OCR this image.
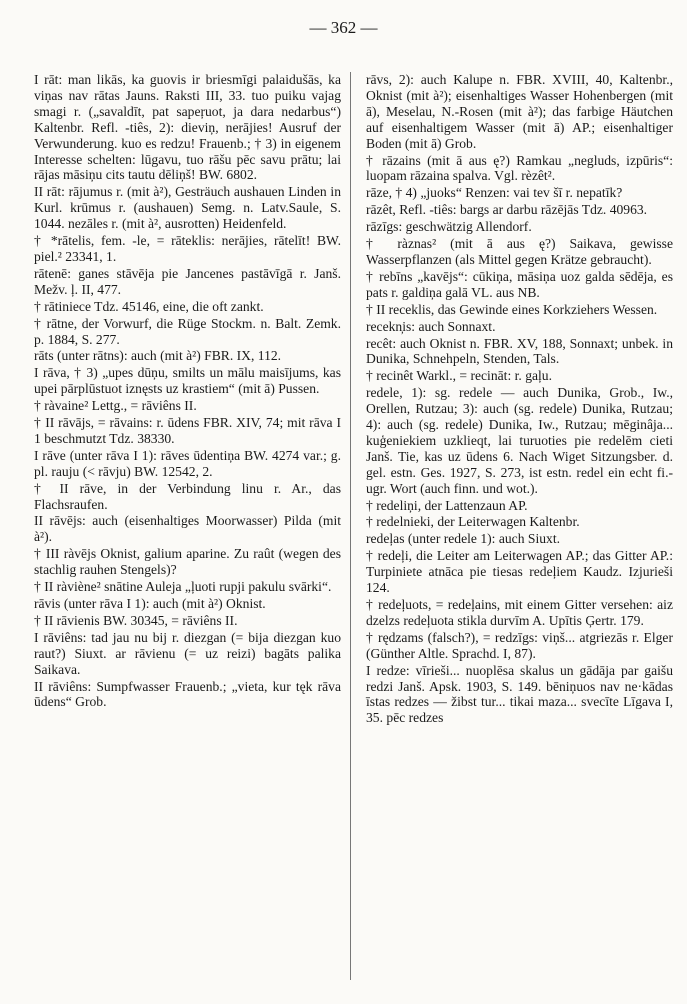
— 362 —

I rāt: man likās, ka guovis ir briesmīgi palaidušās, ka viņas nav rātas Jauns. Raksti III, 33. tuo puiku vajag smagi r. („savaldīt, pat sapeŗuot, ja dara nedarbus“) Kaltenbr. Refl. -tiês, 2): dieviņ, nerājies! Ausruf der Verwunderung. kuo es redzu! Frauenb.; † 3) in eigenem Interesse schelten: lūgavu, tuo rāšu pēc savu prātu; lai rājas māsiņu cits tautu dēliņš! BW. 6802.

II rāt: rājumus r. (mit à²), Gesträuch aushauen Linden in Kurl. krūmus r. (aushauen) Semg. n. Latv.Saule, S. 1044. nezāles r. (mit à², ausrotten) Heidenfeld.

† *rātelis, fem. -le, = rāteklis: nerājies, rātelīt! BW. piel.² 23341, 1.

rātenē: ganes stāvēja pie Jancenes pastāvīgā r. Janš. Mežv. ļ. II, 477.

† rātiniece Tdz. 45146, eine, die oft zankt.

† rātne, der Vorwurf, die Rüge Stockm. n. Balt. Zemk. p. 1884, S. 277.

rāts (unter rātns): auch (mit à²) FBR. IX, 112.

I rāva, † 3) „upes dūņu, smilts un mālu maisījums, kas upei pārplūstuot iznęsts uz krastiem“ (mit ā) Pussen.

† ràvaine² Lettg., = rāviêns II.

† II rāvājs, = rāvains: r. ūdens FBR. XIV, 74; mit rāva I 1 beschmutzt Tdz. 38330.

I rāve (unter rāva I 1): rāves ūdentiņa BW. 4274 var.; g. pl. rauju (< rāvju) BW. 12542, 2.

† II rāve, in der Verbindung linu r. Ar., das Flachsraufen.

II rāvējs: auch (eisenhaltiges Moorwasser) Pilda (mit à²).

† III ràvējs Oknist, galium aparine. Zu raût (wegen des stachlig rauhen Stengels)?

† II ràviène² snātine Auleja „ļuoti rupji pakulu svārki“.

rāvis (unter rāva I 1): auch (mit à²) Oknist.

† II rāvienis BW. 30345, = rāviêns II.

I rāviêns: tad jau nu bij r. diezgan (= bija diezgan kuo raut?) Siuxt. ar rāvienu (= uz reizi) bagāts palika Saikava.

II rāviêns: Sumpfwasser Frauenb.; „vieta, kur tęk rāva ūdens“ Grob.

rāvs, 2): auch Kalupe n. FBR. XVIII, 40, Kaltenbr., Oknist (mit à²); eisenhaltiges Wasser Hohenbergen (mit ā), Meselau, N.-Rosen (mit à²); das farbige Häutchen auf eisenhaltigem Wasser (mit ā) AP.; eisenhaltiger Boden (mit ā) Grob.

† rāzains (mit ā aus ę?) Ramkau „negluds, izpūris“: luopam rāzaina spalva. Vgl. rèzêt².

rāze, † 4) „juoks“ Renzen: vai tev šī r. nepatīk?

rāzêt, Refl. -tiês: bargs ar darbu rāzējās Tdz. 40963.

rāzīgs: geschwätzig Allendorf.

† ràznas² (mit ā aus ę?) Saikava, gewisse Wasserpflanzen (als Mittel gegen Krätze gebraucht).

† rebīns „kavējs“: cūkiņa, māsiņa uoz galda sēdēja, es pats r. galdiņa galā VL. aus NB.

† II receklis, das Gewinde eines Korkziehers Wessen.

recekn̦is: auch Sonnaxt.

recêt: auch Oknist n. FBR. XV, 188, Sonnaxt; unbek. in Dunika, Schnehpeln, Stenden, Tals.

† recinêt Warkl., = recināt: r. gaļu.

redele, 1): sg. redele — auch Dunika, Grob., Iw., Orellen, Rutzau; 3): auch (sg. redele) Dunika, Rutzau; 4): auch (sg. redele) Dunika, Iw., Rutzau; mēginâja... kuģeniekiem uzklieqt, lai turuoties pie redelēm cieti Janš. Tie, kas uz ūdens 6. Nach Wiget Sitzungsber. d. gel. estn. Ges. 1927, S. 273, ist estn. redel ein echt fi.-ugr. Wort (auch finn. und wot.).

† redeliņi, der Lattenzaun AP.

† redelnieki, der Leiterwagen Kaltenbr.

redeļas (unter redele 1): auch Siuxt.

† redeļi, die Leiter am Leiterwagen AP.; das Gitter AP.: Turpiniete atnāca pie tiesas redeļiem Kaudz. Izjurieši 124.

† redeļuots, = redeļains, mit einem Gitter versehen: aiz dzelzs redeļuota stikla durvīm A. Upītis Ģertr. 179.

† rędzams (falsch?), = redzīgs: viņš... atgriezās r. Elger (Günther Altle. Sprachd. I, 87).

I redze: vīrieši... nuoplēsa skalus un gādāja par gaišu redzi Janš. Apsk. 1903, S. 149. bēniņuos nav ne·kādas īstas redzes — žibst tur... tikai maza... svecīte Līgava I, 35. pēc redzes
